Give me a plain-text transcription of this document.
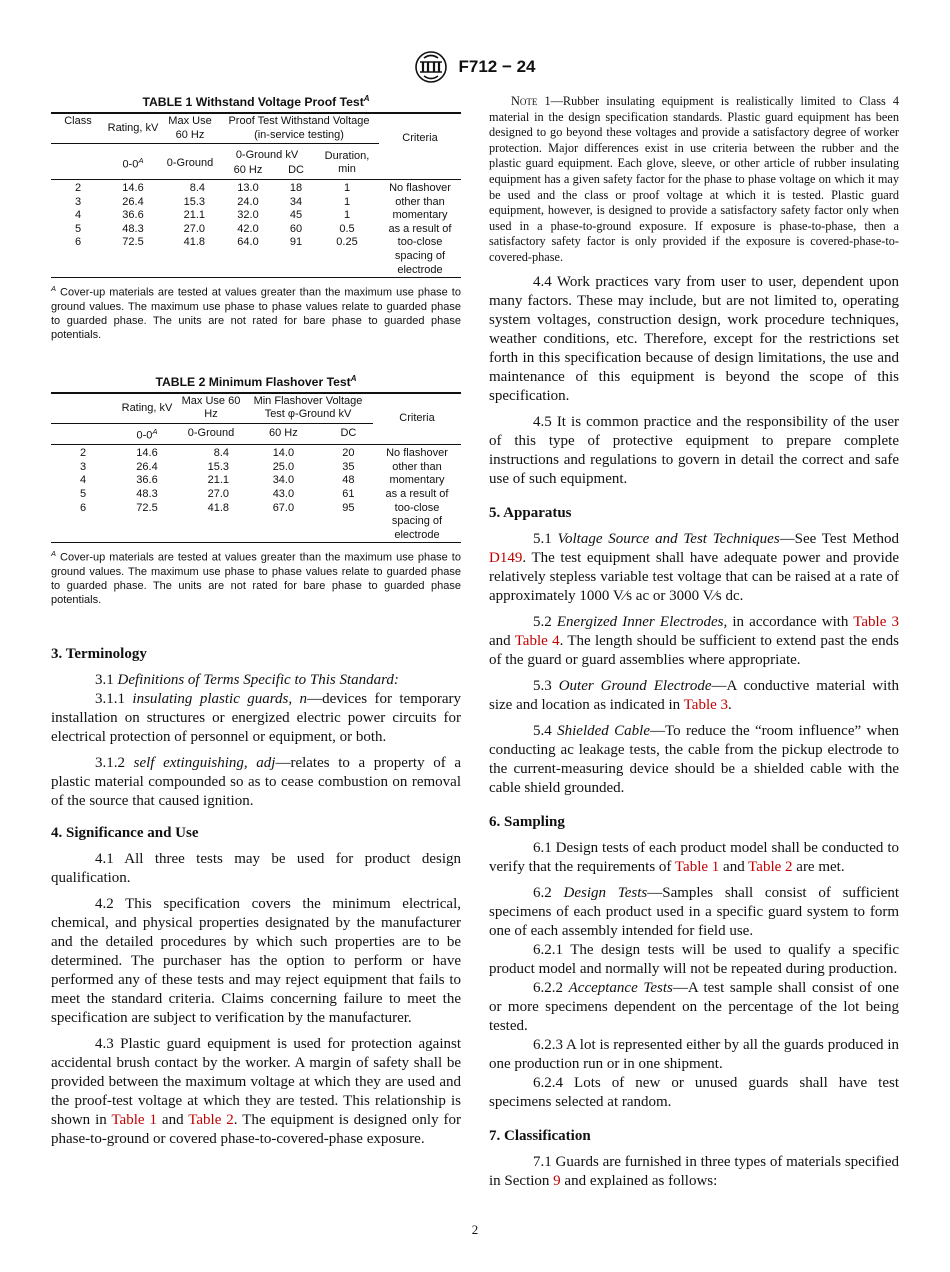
F712 − 24
TABLE 1 Withstand Voltage Proof Test$^A$
Class	Rating, kV	Max Use 60 Hz	Proof Test Withstand Voltage (in-service testing)			Criteria

	$0-0^A$	0-Ground	0-Ground kV		Duration, min	
			60 Hz	DC		

2	14.6	8.4	13.0	18	1	No flashover
3	26.4	15.3	24.0	34	1	other than
4	36.6	21.1	32.0	45	1	momentary
5	48.3	27.0	42.0	60	0.5	as a result of
6	72.5	41.8	64.0	91	0.25	too-close
						spacing of
						electrode
$^A$ Cover-up materials are tested at values greater than the maximum use phase to ground values. The maximum use phase to phase values relate to guarded phase to guarded phase. The units are not rated for bare phase to guarded phase potentials.
TABLE 2 Minimum Flashover Test$^A$
	Rating, kV	Max Use 60 Hz	Min Flashover Voltage Test φ-Ground kV		Criteria
	$0-0^A$	0-Ground	60 Hz	DC	

2	14.6	8.4	14.0	20	No flashover
3	26.4	15.3	25.0	35	other than
4	36.6	21.1	34.0	48	momentary
5	48.3	27.0	43.0	61	as a result of
6	72.5	41.8	67.0	95	too-close
					spacing of
					electrode
$^A$ Cover-up materials are tested at values greater than the maximum use phase to ground values. The maximum use phase to phase values relate to guarded phase to guarded phase. The units are not rated for bare phase to guarded phase potentials.
3. Terminology

3.1 Definitions of Terms Specific to This Standard:

3.1.1 insulating plastic guards, n—devices for temporary installation on structures or energized electric power circuits for electrical protection of personnel or equipment, or both.

3.1.2 self extinguishing, adj—relates to a property of a plastic material compounded so as to cease combustion on removal of the source that caused ignition.

4. Significance and Use

4.1 All three tests may be used for product design qualification.

4.2 This specification covers the minimum electrical, chemical, and physical properties designated by the manufacturer and the detailed procedures by which such properties are to be determined. The purchaser has the option to perform or have performed any of these tests and may reject equipment that fails to meet the standard criteria. Claims concerning failure to meet the specification are subject to verification by the manufacturer.

4.3 Plastic guard equipment is used for protection against accidental brush contact by the worker. A margin of safety shall be provided between the maximum voltage at which they are used and the proof-test voltage at which they are tested. This relationship is shown in Table 1 and Table 2. The equipment is designed only for phase-to-ground or covered phase-to-covered-phase exposure.

Note 1—Rubber insulating equipment is realistically limited to Class 4 material in the design specification standards. Plastic guard equipment has been designed to go beyond these voltages and provide a satisfactory degree of worker protection. Major differences exist in use criteria between the rubber and the plastic guard equipment. Each glove, sleeve, or other article of rubber insulating equipment has a given safety factor for the phase to phase voltage on which it may be used and the class or proof voltage at which it is tested. Plastic guard equipment, however, is designed to provide a satisfactory safety factor only when used in a phase-to-ground exposure. If exposure is phase-to-phase, then a satisfactory safety factor is only provided if the exposure is covered-phase-to-covered-phase.

4.4 Work practices vary from user to user, dependent upon many factors. These may include, but are not limited to, operating system voltages, construction design, work procedure techniques, weather conditions, etc. Therefore, except for the restrictions set forth in this specification because of design limitations, the use and maintenance of this equipment is beyond the scope of this specification.

4.5 It is common practice and the responsibility of the user of this type of protective equipment to prepare complete instructions and regulations to govern in detail the correct and safe use of such equipment.

5. Apparatus

5.1 Voltage Source and Test Techniques—See Test Method D149. The test equipment shall have adequate power and provide relatively stepless variable test voltage that can be raised at a rate of approximately 1000 V⁄s ac or 3000 V⁄s dc.

5.2 Energized Inner Electrodes, in accordance with Table 3 and Table 4. The length should be sufficient to extend past the ends of the guard or guard assemblies where appropriate.

5.3 Outer Ground Electrode—A conductive material with size and location as indicated in Table 3.

5.4 Shielded Cable—To reduce the “room influence” when conducting ac leakage tests, the cable from the pickup electrode to the current-measuring device should be a shielded cable with the cable shield grounded.

6. Sampling

6.1 Design tests of each product model shall be conducted to verify that the requirements of Table 1 and Table 2 are met.

6.2 Design Tests—Samples shall consist of sufficient specimens of each product used in a specific guard system to form one of each assembly intended for field use.

6.2.1 The design tests will be used to qualify a specific product model and normally will not be repeated during production.

6.2.2 Acceptance Tests—A test sample shall consist of one or more specimens dependent on the percentage of the lot being tested.

6.2.3 A lot is represented either by all the guards produced in one production run or in one shipment.

6.2.4 Lots of new or unused guards shall have test specimens selected at random.

7. Classification

7.1 Guards are furnished in three types of materials specified in Section 9 and explained as follows:

2
